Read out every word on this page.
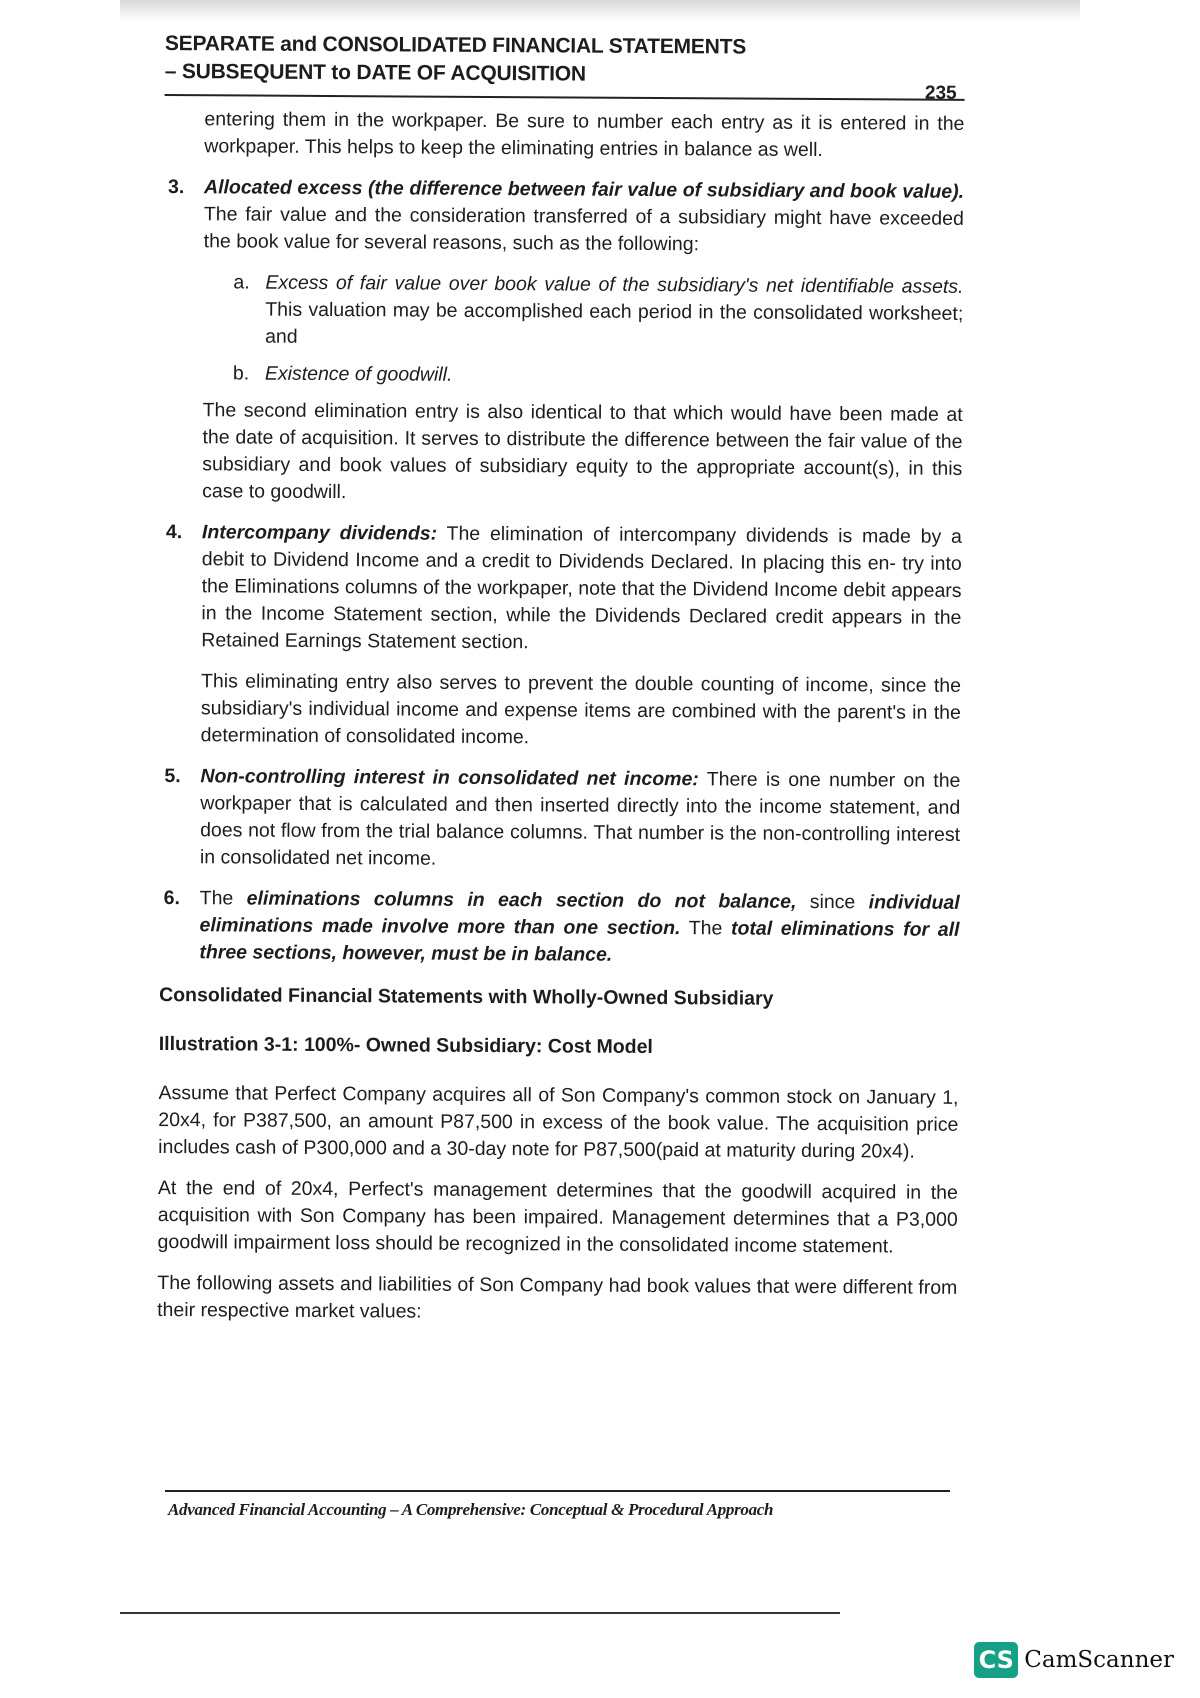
SEPARATE and CONSOLIDATED FINANCIAL STATEMENTS
– SUBSEQUENT to DATE OF ACQUISITION
235

entering them in the workpaper. Be sure to number each entry as it is entered in the workpaper. This helps to keep the eliminating entries in balance as well.

3. Allocated excess (the difference between fair value of subsidiary and book value). The fair value and the consideration transferred of a subsidiary might have exceeded the book value for several reasons, such as the following:

a. Excess of fair value over book value of the subsidiary's net identifiable assets. This valuation may be accomplished each period in the consolidated worksheet; and
b. Existence of goodwill.

The second elimination entry is also identical to that which would have been made at the date of acquisition. It serves to distribute the difference between the fair value of the subsidiary and book values of subsidiary equity to the appropriate account(s), in this case to goodwill.

4. Intercompany dividends: The elimination of intercompany dividends is made by a debit to Dividend Income and a credit to Dividends Declared. In placing this en- try into the Eliminations columns of the workpaper, note that the Dividend Income debit appears in the Income Statement section, while the Dividends Declared credit appears in the Retained Earnings Statement section.

This eliminating entry also serves to prevent the double counting of income, since the subsidiary's individual income and expense items are combined with the parent's in the determination of consolidated income.

5. Non-controlling interest in consolidated net income: There is one number on the workpaper that is calculated and then inserted directly into the income statement, and does not flow from the trial balance columns. That number is the non-controlling interest in consolidated net income.

6. The eliminations columns in each section do not balance, since individual eliminations made involve more than one section. The total eliminations for all three sections, however, must be in balance.

Consolidated Financial Statements with Wholly-Owned Subsidiary
Illustration 3-1: 100%- Owned Subsidiary: Cost Model

Assume that Perfect Company acquires all of Son Company's common stock on January 1, 20x4, for P387,500, an amount P87,500 in excess of the book value. The acquisition price includes cash of P300,000 and a 30-day note for P87,500(paid at maturity during 20x4).

At the end of 20x4, Perfect's management determines that the goodwill acquired in the acquisition with Son Company has been impaired. Management determines that a P3,000 goodwill impairment loss should be recognized in the consolidated income statement.

The following assets and liabilities of Son Company had book values that were different from their respective market values:

Advanced Financial Accounting – A Comprehensive: Conceptual & Procedural Approach
CS CamScanner
